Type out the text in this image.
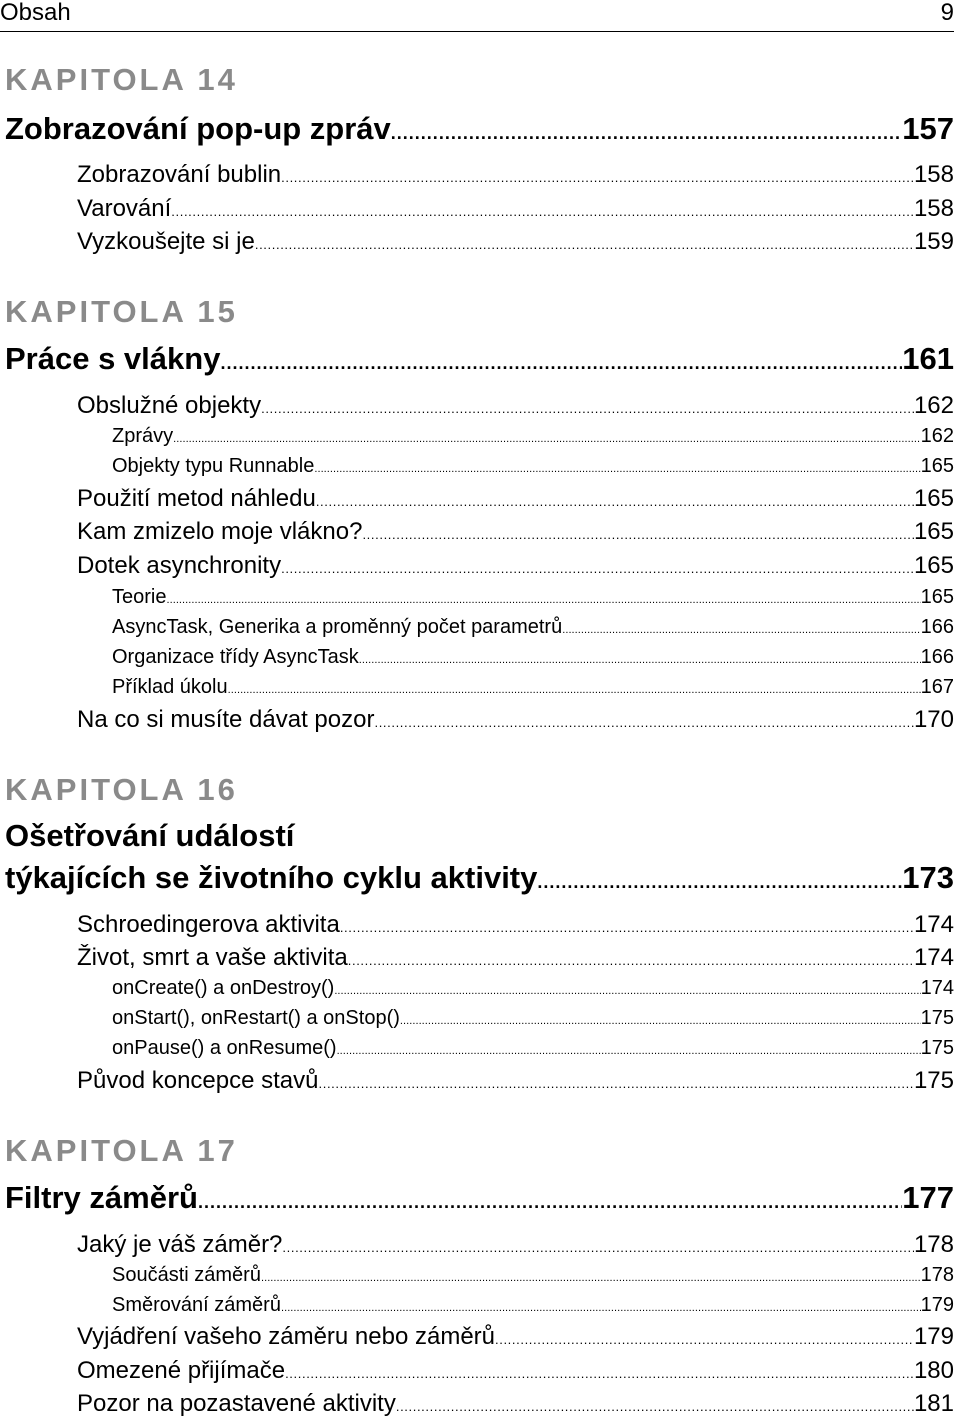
Obsah	9
KAPITOLA 14
Zobrazování pop-up zpráv . . .	157
Zobrazování bublin . . .	158
Varování . . .	158
Vyzkoušejte si je . . .	159
KAPITOLA 15
Práce s vlákny . . .	161
Obslužné objekty . . .	162
Zprávy . . .	162
Objekty typu Runnable . . .	165
Použití metod náhledu . . .	165
Kam zmizelo moje vlákno? . . .	165
Dotek asynchronity . . .	165
Teorie . . .	165
AsyncTask, Generika a proměnný počet parametrů . . .	166
Organizace třídy AsyncTask . . .	166
Příklad úkolu . . .	167
Na co si musíte dávat pozor . . .	170
KAPITOLA 16
Ošetřování událostí
týkajících se životního cyklu aktivity . . .	173
Schroedingerova aktivita . . .	174
Život, smrt a vaše aktivita . . .	174
onCreate() a onDestroy() . . .	174
onStart(), onRestart() a onStop() . . .	175
onPause() a onResume() . . .	175
Původ koncepce stavů . . .	175
KAPITOLA 17
Filtry záměrů . . .	177
Jaký je váš záměr? . . .	178
Součásti záměrů . . .	178
Směrování záměrů . . .	179
Vyjádření vašeho záměru nebo záměrů . . .	179
Omezené přijímače . . .	180
Pozor na pozastavené aktivity . . .	181
